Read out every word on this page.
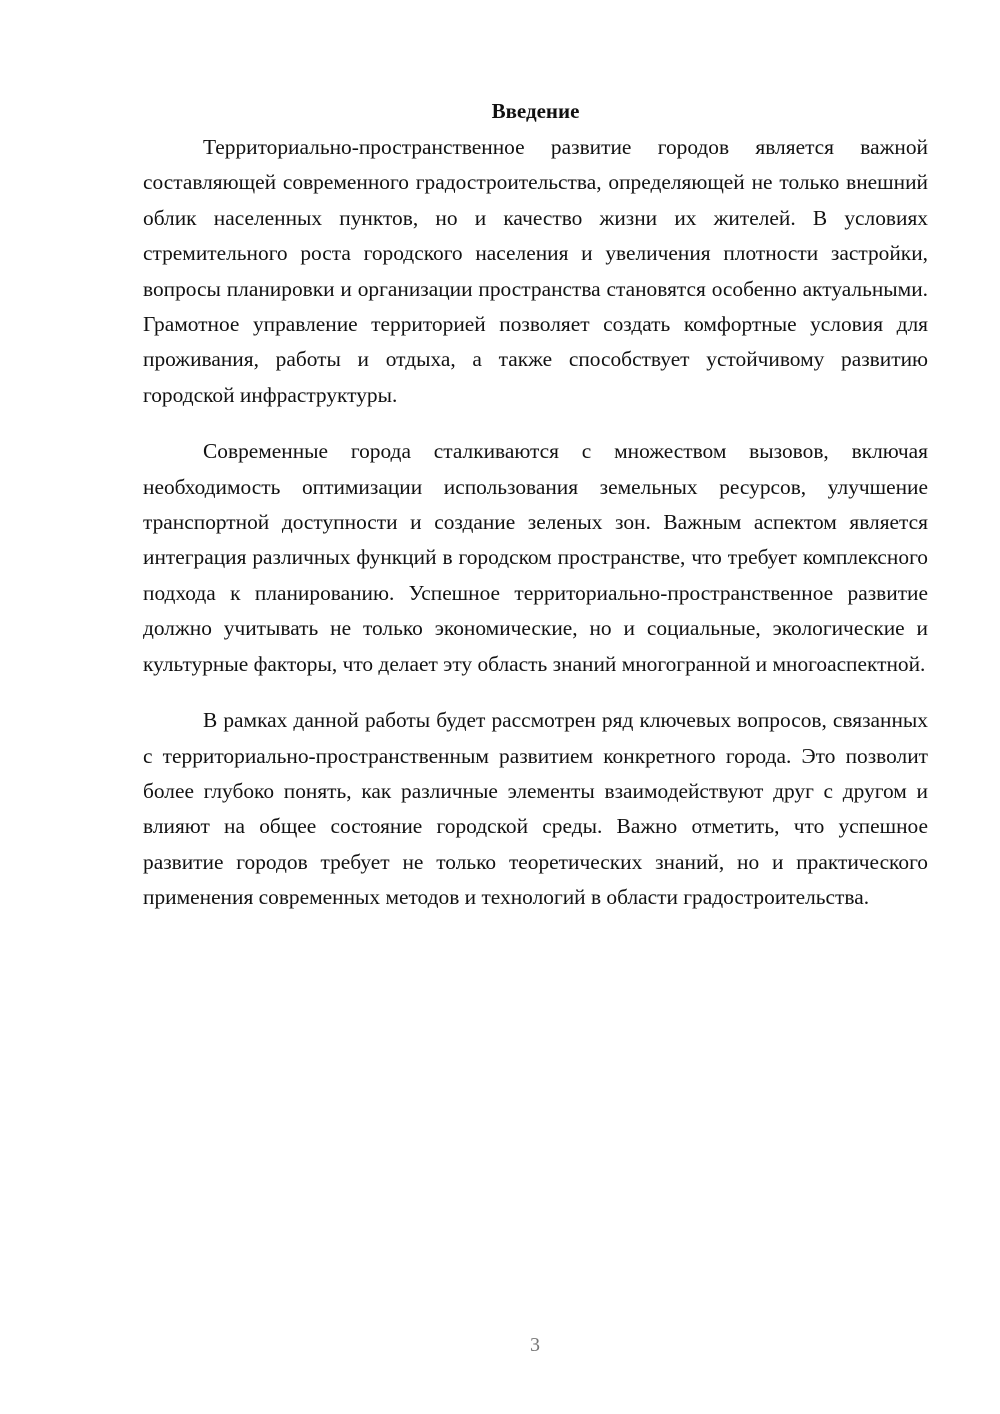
Введение

Территориально-пространственное развитие городов является важной составляющей современного градостроительства, определяющей не только внешний облик населенных пунктов, но и качество жизни их жителей. В условиях стремительного роста городского населения и увеличения плотности застройки, вопросы планировки и организации пространства становятся особенно актуальными. Грамотное управление территорией позволяет создать комфортные условия для проживания, работы и отдыха, а также способствует устойчивому развитию городской инфраструктуры.

Современные города сталкиваются с множеством вызовов, включая необходимость оптимизации использования земельных ресурсов, улучшение транспортной доступности и создание зеленых зон. Важным аспектом является интеграция различных функций в городском пространстве, что требует комплексного подхода к планированию. Успешное территориально-пространственное развитие должно учитывать не только экономические, но и социальные, экологические и культурные факторы, что делает эту область знаний многогранной и многоаспектной.

В рамках данной работы будет рассмотрен ряд ключевых вопросов, связанных с территориально-пространственным развитием конкретного города. Это позволит более глубоко понять, как различные элементы взаимодействуют друг с другом и влияют на общее состояние городской среды. Важно отметить, что успешное развитие городов требует не только теоретических знаний, но и практического применения современных методов и технологий в области градостроительства.

3
